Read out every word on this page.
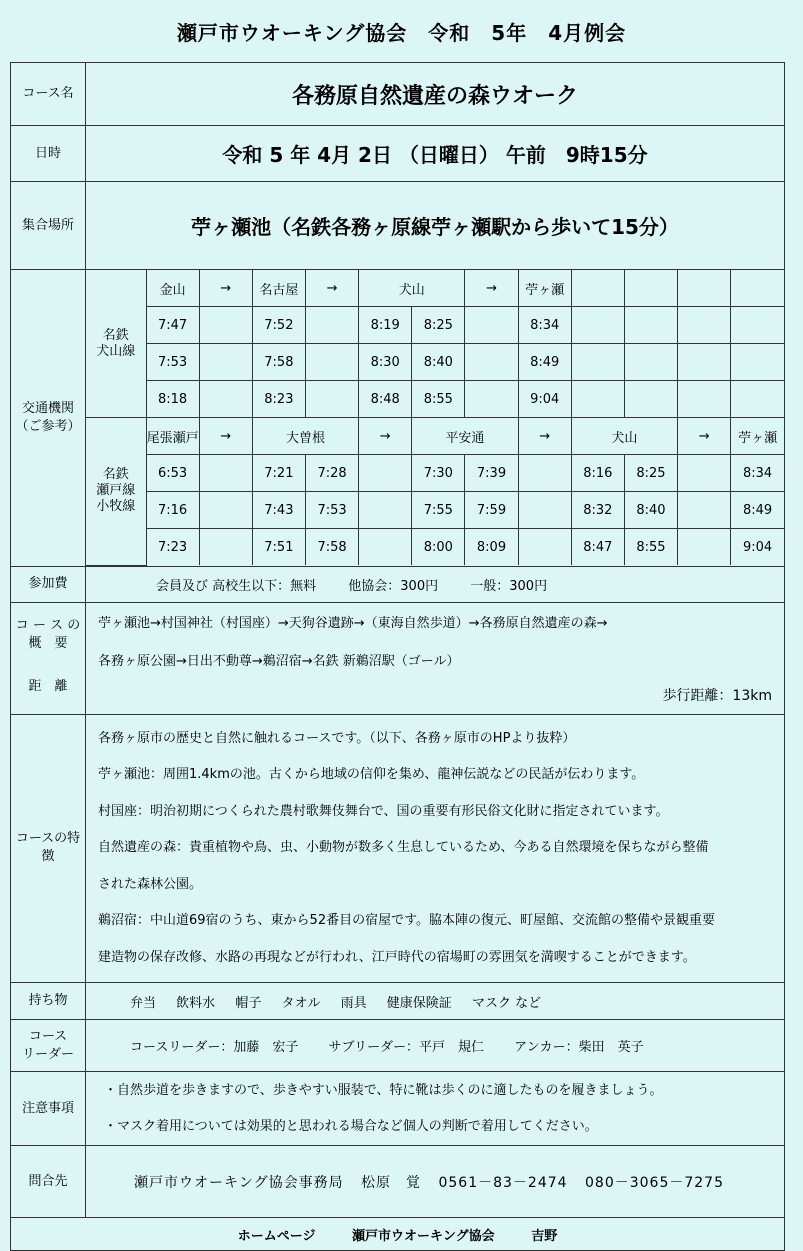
瀬戸市ウオーキング協会　令和　5年　4月例会
コース名	各務原自然遺産の森ウオーク
日時	令和 5 年 4月 2日 （日曜日） 午前　9時15分
集合場所	苧ヶ瀬池（名鉄各務ヶ原線苧ヶ瀬駅から歩いて15分）

交通機関
（ご参考）

名鉄
犬山線
	金山	→	名古屋	→	犬山	→	苧ヶ瀬				
7:47		7:52		8:19	8:25		8:34				
7:53		7:58		8:30	8:40		8:49				
8:18		8:23		8:48	8:55		9:04				

名鉄
瀬戸線
小牧線
	尾張瀬戸	→	大曽根	→	平安通	→	犬山	→	苧ヶ瀬
6:53		7:21	7:28		7:30	7:39		8:16	8:25		8:34
7:16		7:43	7:53		7:55	7:59		8:32	8:40		8:49
7:23		7:51	7:58		8:00	8:09		8:47	8:55		9:04

参加費	会員及び 高校生以下：無料 他協会：300円 一般：300円

コ ー ス の
概　要
距　離

苧ヶ瀬池→村国神社（村国座）→天狗谷遺跡→（東海自然歩道）→各務原自然遺産の森→
各務ヶ原公園→日出不動尊→鵜沼宿→名鉄 新鵜沼駅（ゴール）
歩行距離：13km

コースの特徴	

各務ヶ原市の歴史と自然に触れるコースです。（以下、各務ヶ原市のHPより抜粋）

苧ヶ瀬池：周囲1.4kmの池。古くから地域の信仰を集め、龍神伝説などの民話が伝わります。

村国座：明治初期につくられた農村歌舞伎舞台で、国の重要有形民俗文化財に指定されています。

自然遺産の森：貴重植物や鳥、虫、小動物が数多く生息しているため、今ある自然環境を保ちながら整備

された森林公園。

鵜沼宿：中山道69宿のうち、東から52番目の宿屋です。脇本陣の復元、町屋館、交流館の整備や景観重要

建造物の保存改修、水路の再現などが行われ、江戸時代の宿場町の雰囲気を満喫することができます。

持ち物	弁当 飲料水 帽子 タオル 雨具 健康保険証 マスク など

コース
リーダー	コースリーダー：加藤　宏子 サブリーダー：平戸　規仁 アンカー：柴田　英子
注意事項	

・自然歩道を歩きますので、歩きやすい服装で、特に靴は歩くのに適したものを履きましょう。

・マスク着用については効果的と思われる場合など個人の判断で着用してください。

問合先	瀬戸市ウオーキング協会事務局 松原　覚 0561－83－2474 080－3065－7275
ホームページ	瀬戸市ウオーキング協会	吉野
